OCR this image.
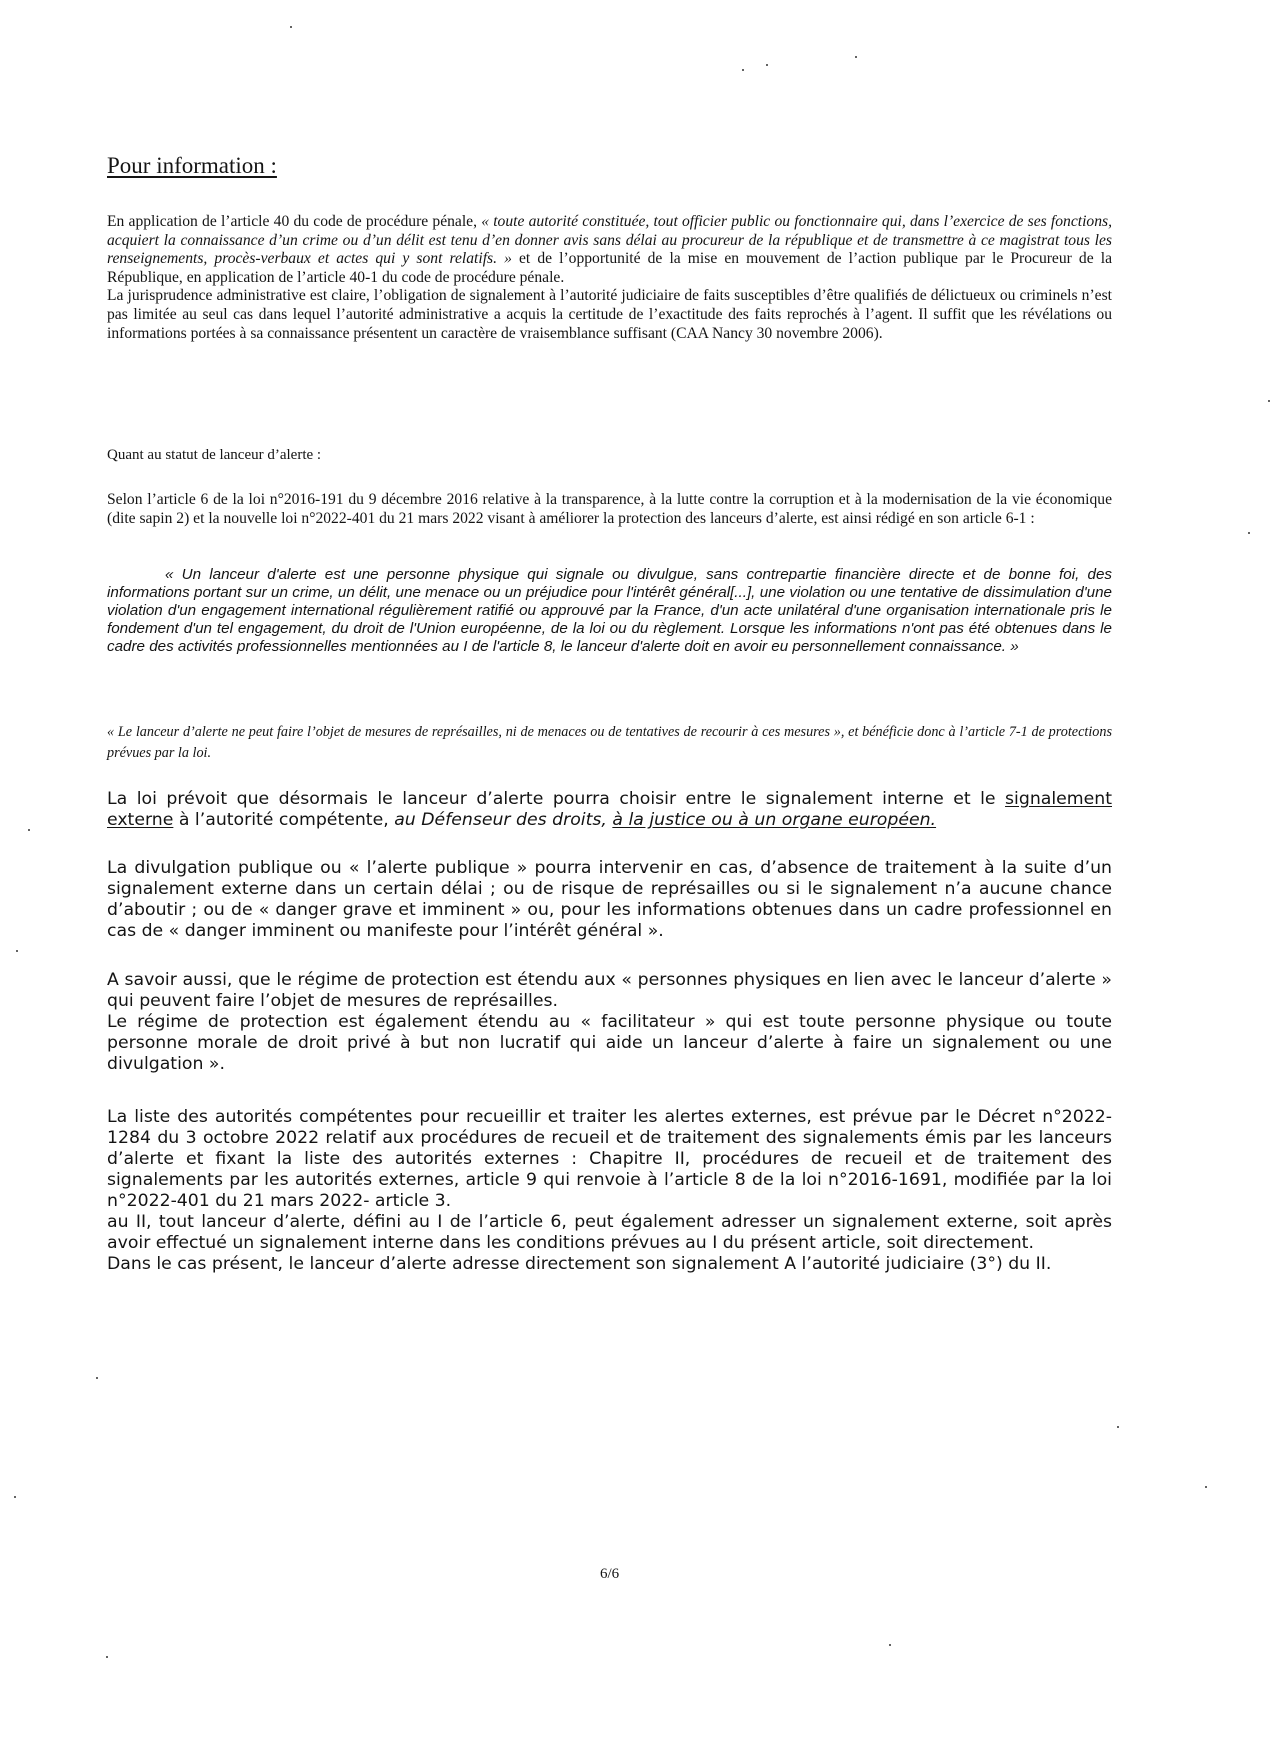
Pour information :

En application de l’article 40 du code de procédure pénale, « toute autorité constituée, tout officier public ou fonctionnaire qui, dans l’exercice de ses fonctions, acquiert la connaissance d’un crime ou d’un délit est tenu d’en donner avis sans délai au procureur de la république et de transmettre à ce magistrat tous les renseignements, procès-verbaux et actes qui y sont relatifs. » et de l’opportunité de la mise en mouvement de l’action publique par le Procureur de la République, en application de l’article 40-1 du code de procédure pénale.

La jurisprudence administrative est claire, l’obligation de signalement à l’autorité judiciaire de faits susceptibles d’être qualifiés de délictueux ou criminels n’est pas limitée au seul cas dans lequel l’autorité administrative a acquis la certitude de l’exactitude des faits reprochés à l’agent. Il suffit que les révélations ou informations portées à sa connaissance présentent un caractère de vraisemblance suffisant (CAA Nancy 30 novembre 2006).

Quant au statut de lanceur d’alerte :
Selon l’article 6 de la loi n°2016-191 du 9 décembre 2016 relative à la transparence, à la lutte contre la corruption et à la modernisation de la vie économique (dite sapin 2) et la nouvelle loi n°2022-401 du 21 mars 2022 visant à améliorer la protection des lanceurs d’alerte, est ainsi rédigé en son article 6-1 :
« Un lanceur d'alerte est une personne physique qui signale ou divulgue, sans contrepartie financière directe et de bonne foi, des informations portant sur un crime, un délit, une menace ou un préjudice pour l'intérêt général[...], une violation ou une tentative de dissimulation d'une violation d'un engagement international régulièrement ratifié ou approuvé par la France, d'un acte unilatéral d'une organisation internationale pris le fondement d'un tel engagement, du droit de l'Union européenne, de la loi ou du règlement. Lorsque les informations n'ont pas été obtenues dans le cadre des activités professionnelles mentionnées au I de l'article 8, le lanceur d'alerte doit en avoir eu personnellement connaissance. »
« Le lanceur d’alerte ne peut faire l’objet de mesures de représailles, ni de menaces ou de tentatives de recourir à ces mesures », et bénéficie donc à l’article 7-1 de protections prévues par la loi.
La loi prévoit que désormais le lanceur d’alerte pourra choisir entre le signalement interne et le signalement externe à l’autorité compétente, au Défenseur des droits, à la justice ou à un organe européen.
La divulgation publique ou « l’alerte publique » pourra intervenir en cas, d’absence de traitement à la suite d’un signalement externe dans un certain délai ; ou de risque de représailles ou si le signalement n’a aucune chance d’aboutir ; ou de « danger grave et imminent » ou, pour les informations obtenues dans un cadre professionnel en cas de « danger imminent ou manifeste pour l’intérêt général ».

A savoir aussi, que le régime de protection est étendu aux « personnes physiques en lien avec le lanceur d’alerte » qui peuvent faire l’objet de mesures de représailles.

Le régime de protection est également étendu au « facilitateur » qui est toute personne physique ou toute personne morale de droit privé à but non lucratif qui aide un lanceur d’alerte à faire un signalement ou une divulgation ».

La liste des autorités compétentes pour recueillir et traiter les alertes externes, est prévue par le Décret n°2022-1284 du 3 octobre 2022 relatif aux procédures de recueil et de traitement des signalements émis par les lanceurs d’alerte et fixant la liste des autorités externes : Chapitre II, procédures de recueil et de traitement des signalements par les autorités externes, article 9 qui renvoie à l’article 8 de la loi n°2016-1691, modifiée par la loi n°2022-401 du 21 mars 2022- article 3.

au II, tout lanceur d’alerte, défini au I de l’article 6, peut également adresser un signalement externe, soit après avoir effectué un signalement interne dans les conditions prévues au I du présent article, soit directement.

Dans le cas présent, le lanceur d’alerte adresse directement son signalement A l’autorité judiciaire (3°) du II.

6/6
